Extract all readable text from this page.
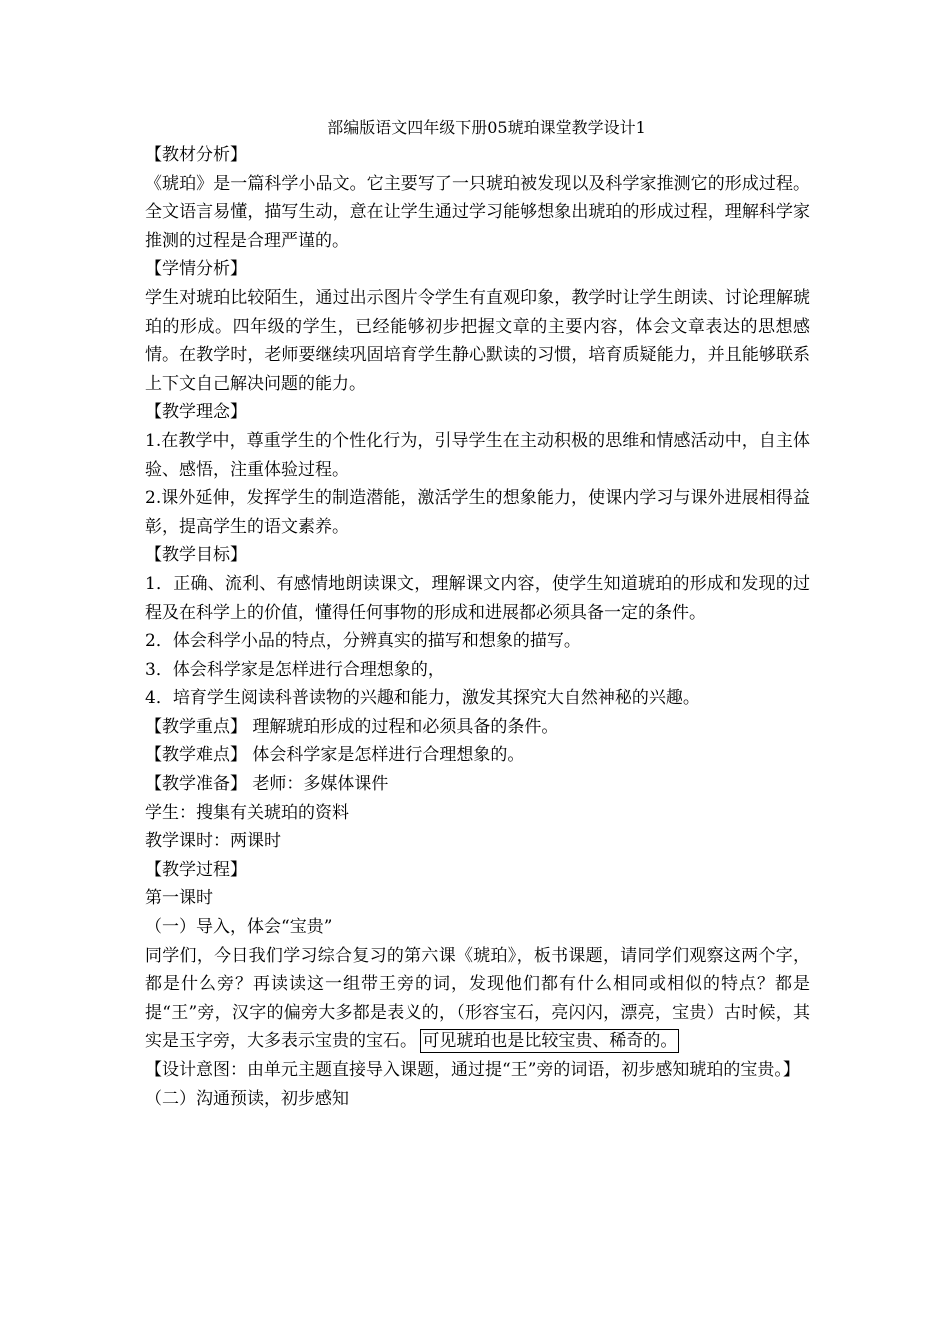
部编版语文四年级下册05琥珀课堂教学设计1

【教材分析】

《琥珀》是一篇科学小品文。它主要写了一只琥珀被发现以及科学家推测它的形成过程。全文语言易懂，描写生动，意在让学生通过学习能够想象出琥珀的形成过程，理解科学家推测的过程是合理严谨的。

【学情分析】

学生对琥珀比较陌生，通过出示图片令学生有直观印象，教学时让学生朗读、讨论理解琥珀的形成。四年级的学生，已经能够初步把握文章的主要内容，体会文章表达的思想感情。在教学时，老师要继续巩固培育学生静心默读的习惯，培育质疑能力，并且能够联系上下文自己解决问题的能力。

【教学理念】

1.在教学中，尊重学生的个性化行为，引导学生在主动积极的思维和情感活动中，自主体验、感悟，注重体验过程。

2.课外延伸，发挥学生的制造潜能，激活学生的想象能力，使课内学习与课外进展相得益彰，提高学生的语文素养。

【教学目标】

1．正确、流利、有感情地朗读课文，理解课文内容，使学生知道琥珀的形成和发现的过程及在科学上的价值，懂得任何事物的形成和进展都必须具备一定的条件。

2．体会科学小品的特点，分辨真实的描写和想象的描写。

3．体会科学家是怎样进行合理想象的，

4．培育学生阅读科普读物的兴趣和能力，激发其探究大自然神秘的兴趣。

【教学重点】 理解琥珀形成的过程和必须具备的条件。

【教学难点】 体会科学家是怎样进行合理想象的。

【教学准备】 老师：多媒体课件

学生：搜集有关琥珀的资料

教学课时：两课时

【教学过程】

第一课时

（一）导入，体会“宝贵”

同学们，今日我们学习综合复习的第六课《琥珀》，板书课题，请同学们观察这两个字，都是什么旁？再读读这一组带王旁的词，发现他们都有什么相同或相似的特点？都是提“王”旁，汉字的偏旁大多都是表义的，（形容宝石，亮闪闪，漂亮，宝贵）古时候，其实是玉字旁，大多表示宝贵的宝石。 可见琥珀也是比较宝贵、稀奇的。

【设计意图：由单元主题直接导入课题，通过提“王”旁的词语，初步感知琥珀的宝贵。】

（二）沟通预读，初步感知
